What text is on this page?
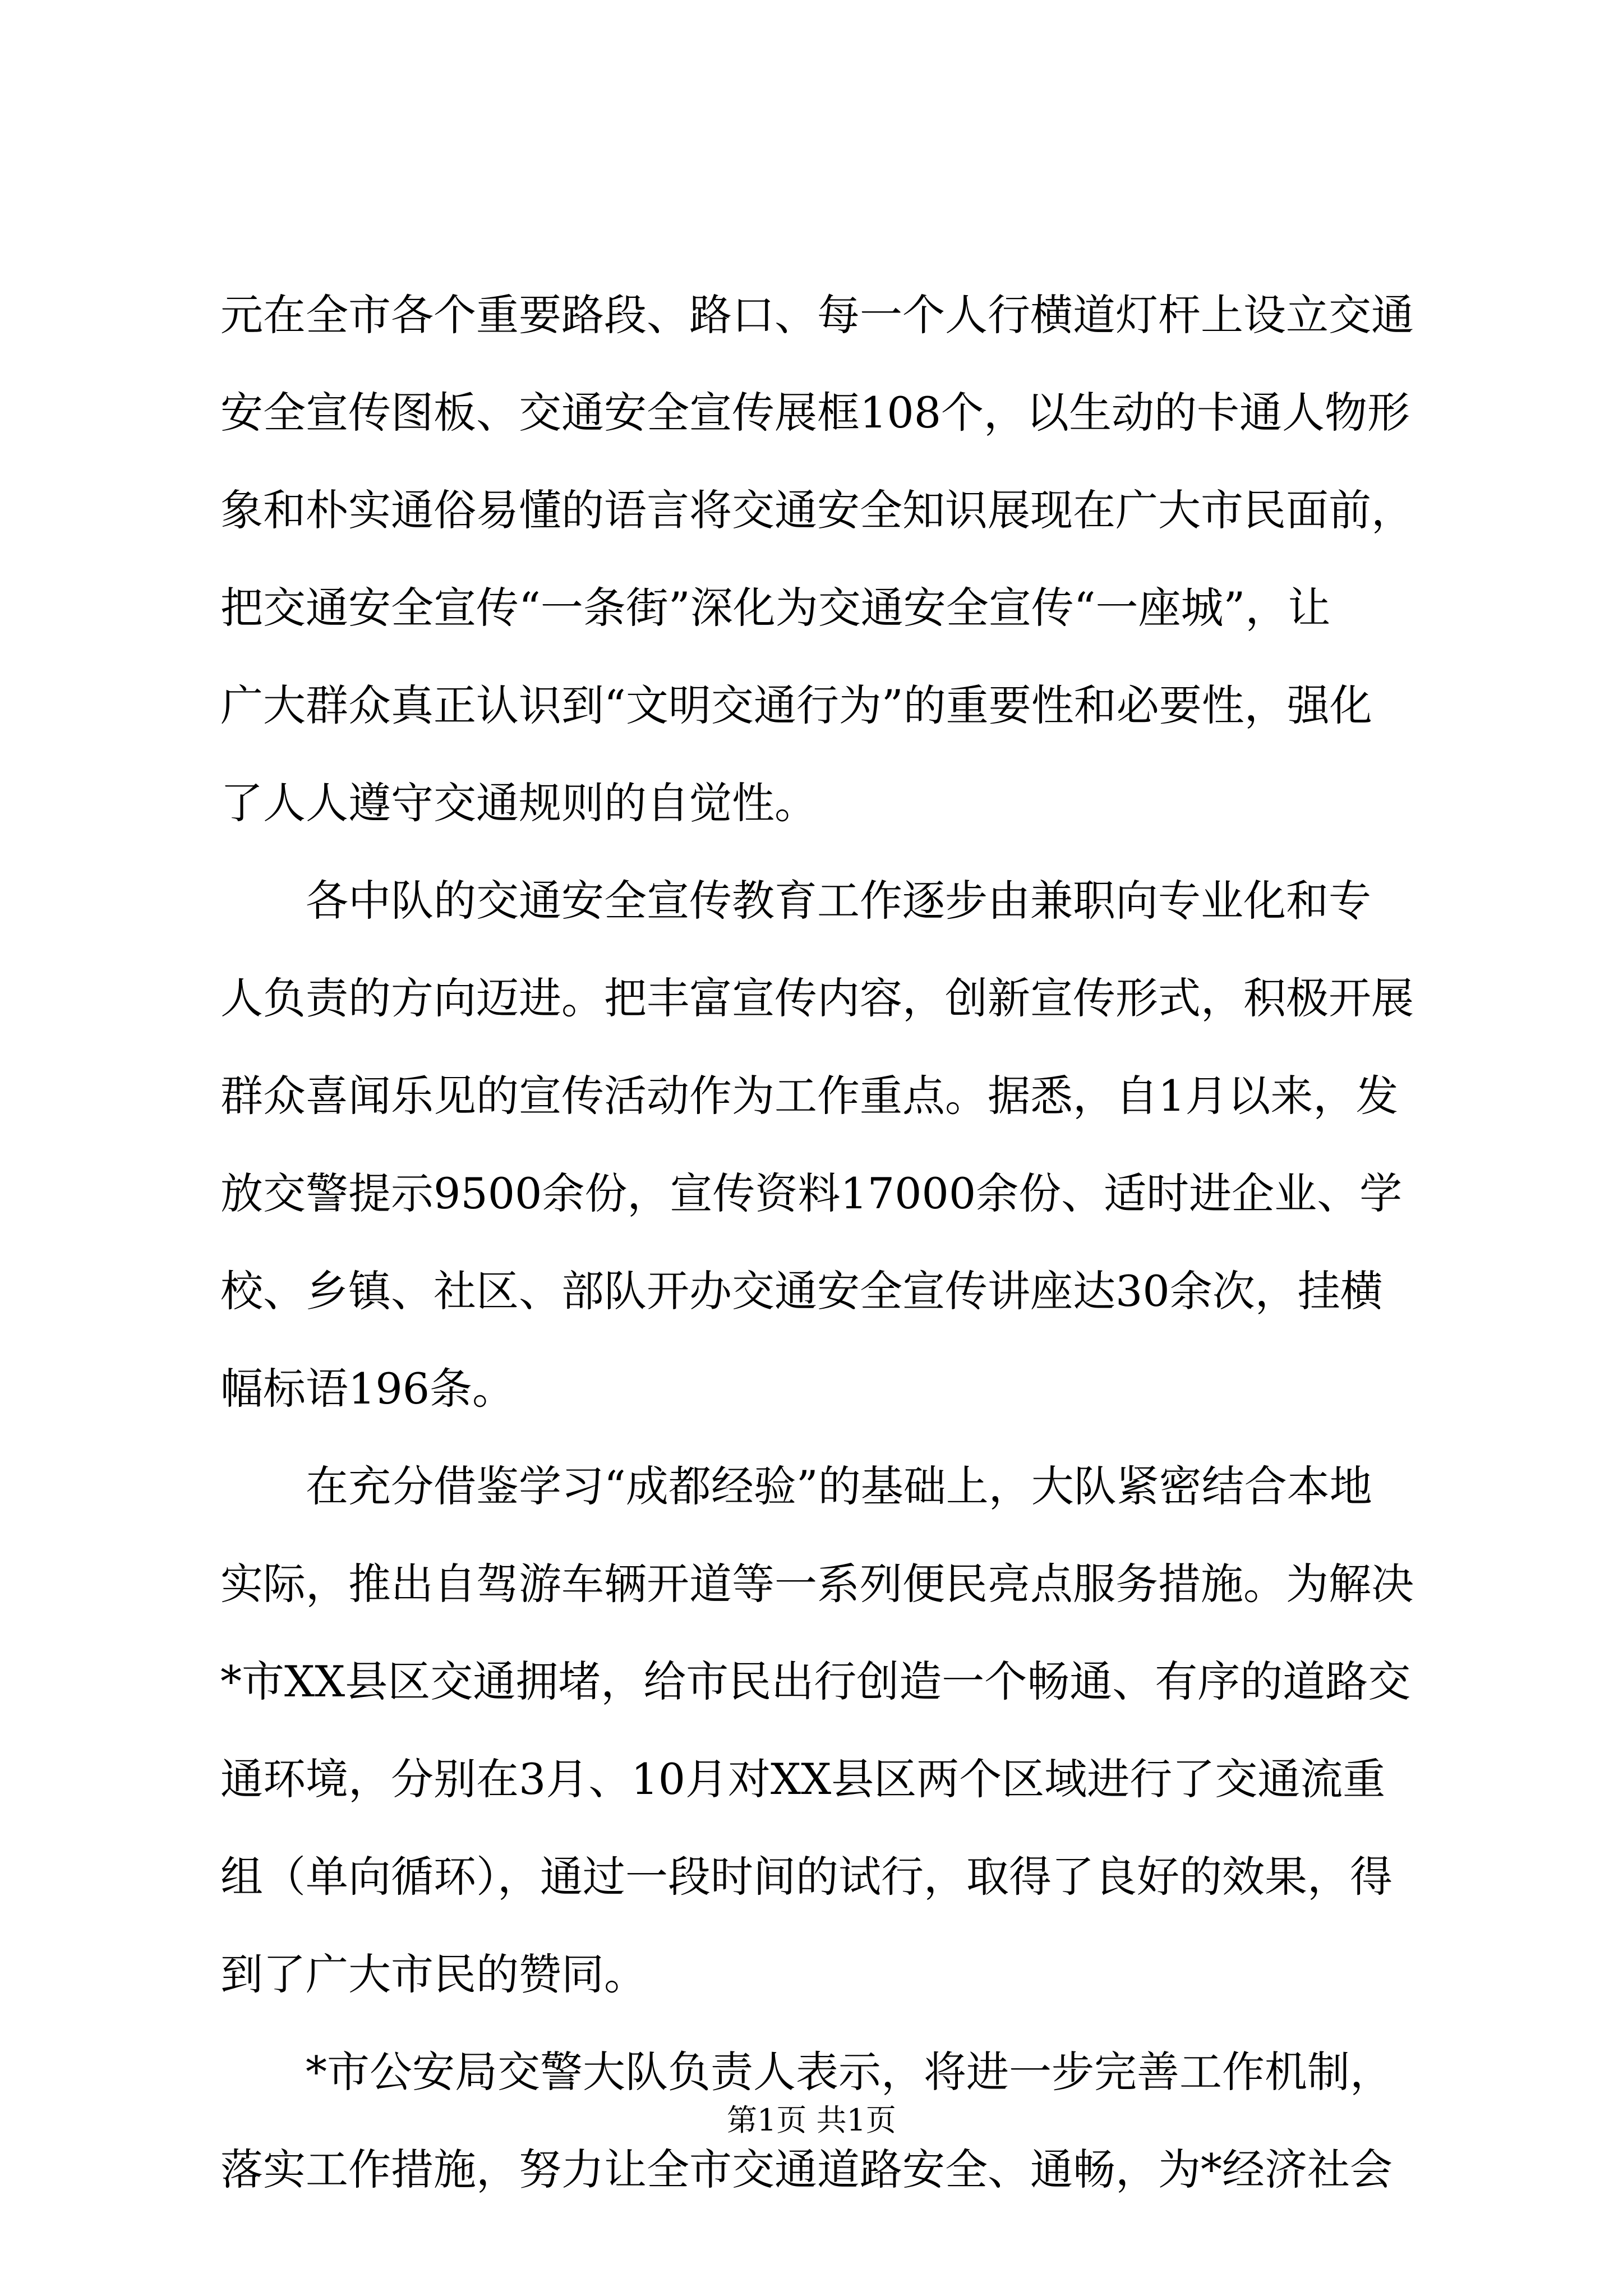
元在全市各个重要路段、路口、每一个人行横道灯杆上设立交通
安全宣传图板、交通安全宣传展框108个，以生动的卡通人物形
象和朴实通俗易懂的语言将交通安全知识展现在广大市民面前，
把交通安全宣传“一条街”深化为交通安全宣传“一座城”，让
广大群众真正认识到“文明交通行为”的重要性和必要性，强化
了人人遵守交通规则的自觉性。
各中队的交通安全宣传教育工作逐步由兼职向专业化和专
人负责的方向迈进。把丰富宣传内容，创新宣传形式，积极开展
群众喜闻乐见的宣传活动作为工作重点。据悉，自1月以来，发
放交警提示9500余份，宣传资料17000余份、适时进企业、学
校、乡镇、社区、部队开办交通安全宣传讲座达30余次，挂横
幅标语196条。
在充分借鉴学习“成都经验”的基础上，大队紧密结合本地
实际，推出自驾游车辆开道等一系列便民亮点服务措施。为解决
*市XX县区交通拥堵，给市民出行创造一个畅通、有序的道路交
通环境，分别在3月、10月对XX县区两个区域进行了交通流重
组（单向循环），通过一段时间的试行，取得了良好的效果，得
到了广大市民的赞同。
*市公安局交警大队负责人表示，将进一步完善工作机制，
落实工作措施，努力让全市交通道路安全、通畅，为*经济社会
第1页 共1页
